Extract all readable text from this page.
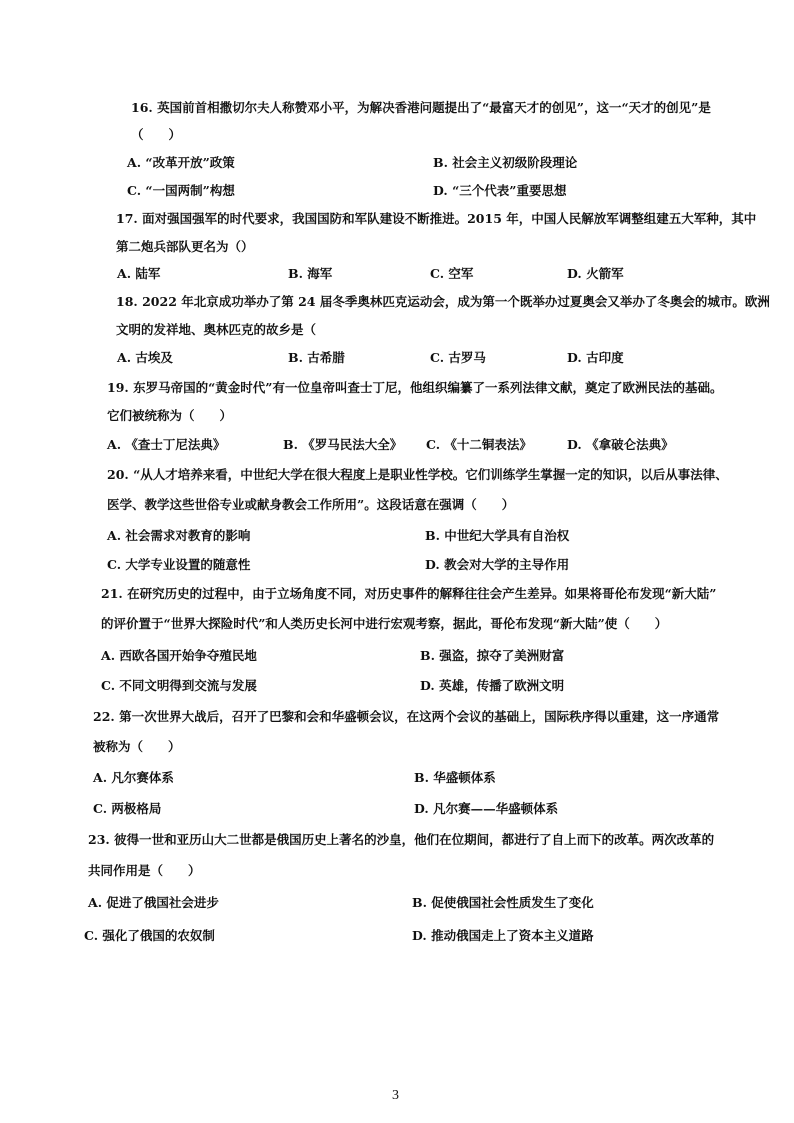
16. 英国前首相撒切尔夫人称赞邓小平，为解决香港问题提出了“最富天才的创见”，这一“天才的创见”是
（　　）
A. “改革开放”政策	B. 社会主义初级阶段理论
C. “一国两制”构想	D. “三个代表”重要思想
17. 面对强国强军的时代要求，我国国防和军队建设不断推进。2015 年，中国人民解放军调整组建五大军种，其中
第二炮兵部队更名为（）
A. 陆军	B. 海军	C. 空军	D. 火箭军
18. 2022 年北京成功举办了第 24 届冬季奥林匹克运动会，成为第一个既举办过夏奥会又举办了冬奥会的城市。欧洲
文明的发祥地、奥林匹克的故乡是（
A. 古埃及	B. 古希腊	C. 古罗马	D. 古印度
19. 东罗马帝国的“黄金时代”有一位皇帝叫查士丁尼，他组织编纂了一系列法律文献，奠定了欧洲民法的基础。
它们被统称为（　　）
A. 《查士丁尼法典》	B. 《罗马民法大全》 C. 《十二铜表法》	D. 《拿破仑法典》
20. “从人才培养来看，中世纪大学在很大程度上是职业性学校。它们训练学生掌握一定的知识，以后从事法律、
医学、教学这些世俗专业或献身教会工作所用”。这段话意在强调（　　）
A. 社会需求对教育的影响	B. 中世纪大学具有自治权
C. 大学专业设置的随意性	D. 教会对大学的主导作用
21. 在研究历史的过程中，由于立场角度不同，对历史事件的解释往往会产生差异。如果将哥伦布发现“新大陆”
的评价置于“世界大探险时代”和人类历史长河中进行宏观考察，据此，哥伦布发现“新大陆”使（　　）
A. 西欧各国开始争夺殖民地	B. 强盗，掠夺了美洲财富
C. 不同文明得到交流与发展	D. 英雄，传播了欧洲文明
22. 第一次世界大战后，召开了巴黎和会和华盛顿会议，在这两个会议的基础上，国际秩序得以重建，这一序通常
被称为（　　）
A. 凡尔赛体系	B. 华盛顿体系
C. 两极格局	D. 凡尔赛——华盛顿体系
23. 彼得一世和亚历山大二世都是俄国历史上著名的沙皇，他们在位期间，都进行了自上而下的改革。两次改革的
共同作用是（　　）
A. 促进了俄国社会进步	B. 促使俄国社会性质发生了变化
C. 强化了俄国的农奴制	D. 推动俄国走上了资本主义道路
3
